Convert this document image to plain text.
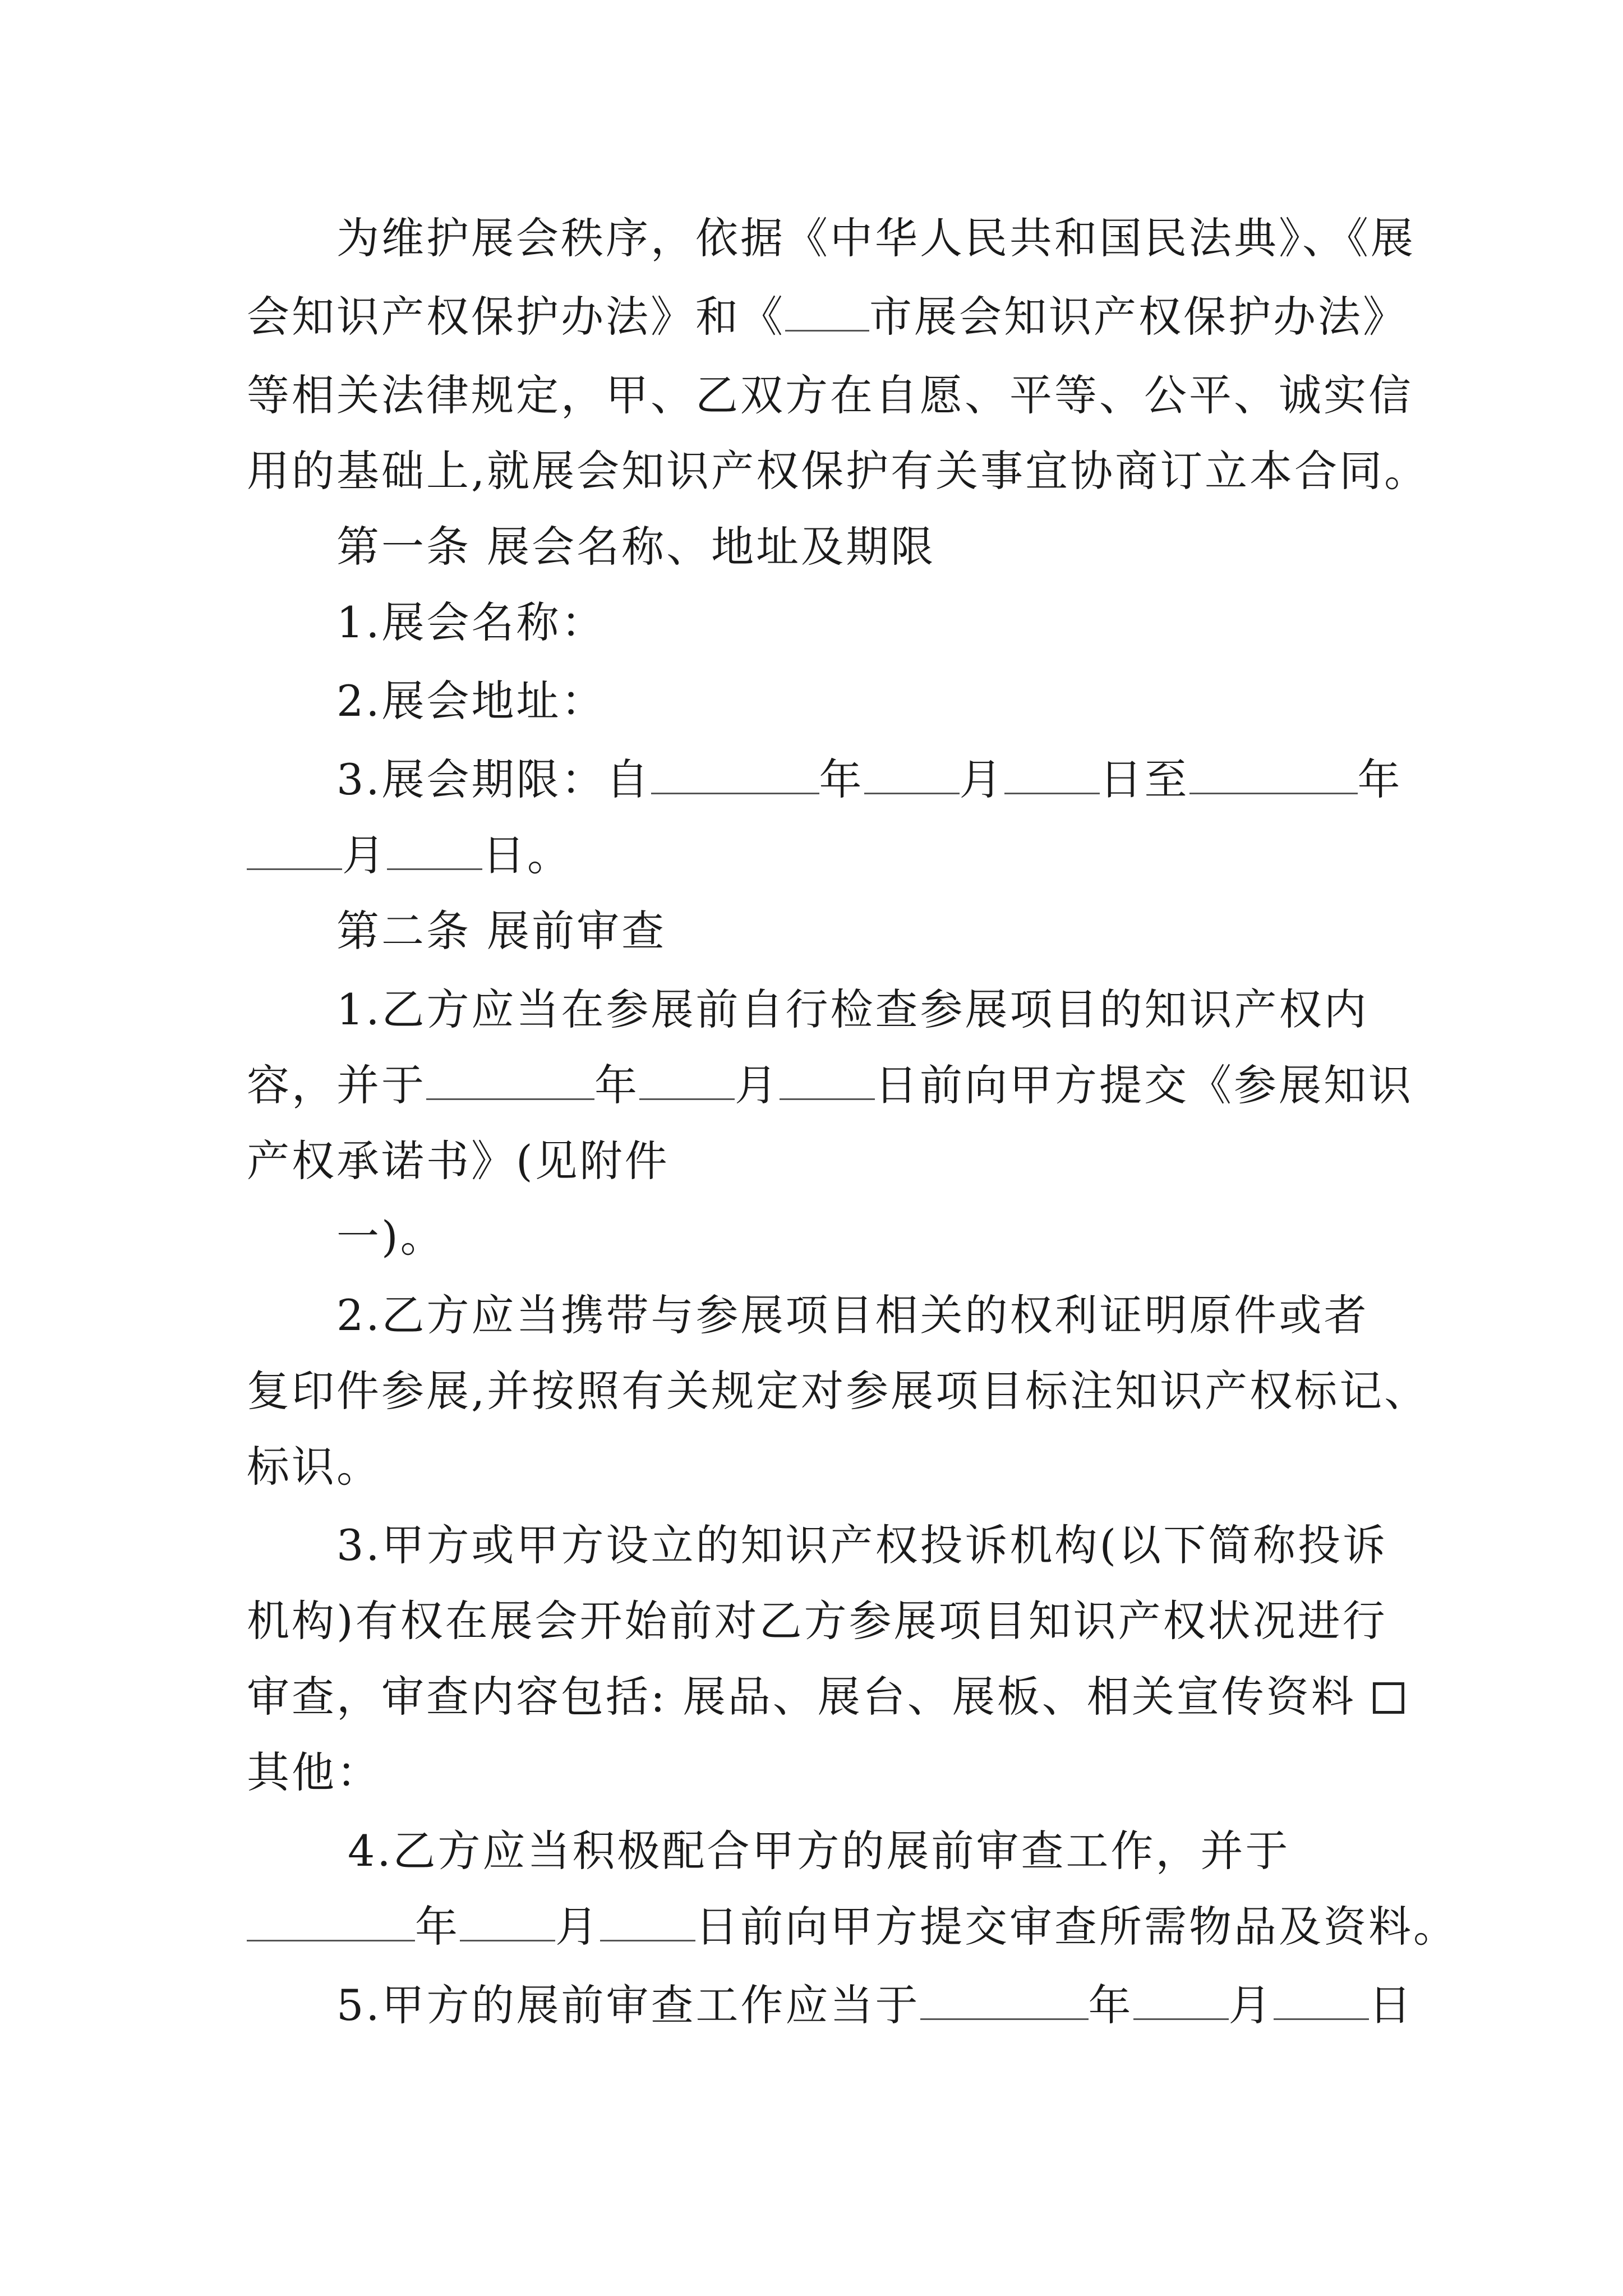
为维护展会秩序，依据《中华人民共和国民法典》、《展
会知识产权保护办法》和《 市展会知识产权保护办法》
等相关法律规定，甲、乙双方在自愿、平等、公平、诚实信
用的基础上,就展会知识产权保护有关事宜协商订立本合同。
第一条 展会名称、地址及期限
1.展会名称：
2.展会地址：
3.展会期限：自	年 月 日至	年
月 日。
第二条 展前审查
1.乙方应当在参展前自行检查参展项目的知识产权内
容，并于	年 月 日前向甲方提交《参展知识
产权承诺书》(见附件
一)。
2.乙方应当携带与参展项目相关的权利证明原件或者
复印件参展,并按照有关规定对参展项目标注知识产权标记、
标识。
3.甲方或甲方设立的知识产权投诉机构(以下简称投诉
机构)有权在展会开始前对乙方参展项目知识产权状况进行
审查，审查内容包括: 展品、展台、展板、相关宣传资料
其他：
4.乙方应当积极配合甲方的展前审查工作，并于
年 月 日前向甲方提交审查所需物品及资料。
5.甲方的展前审查工作应当于	年 月 日
